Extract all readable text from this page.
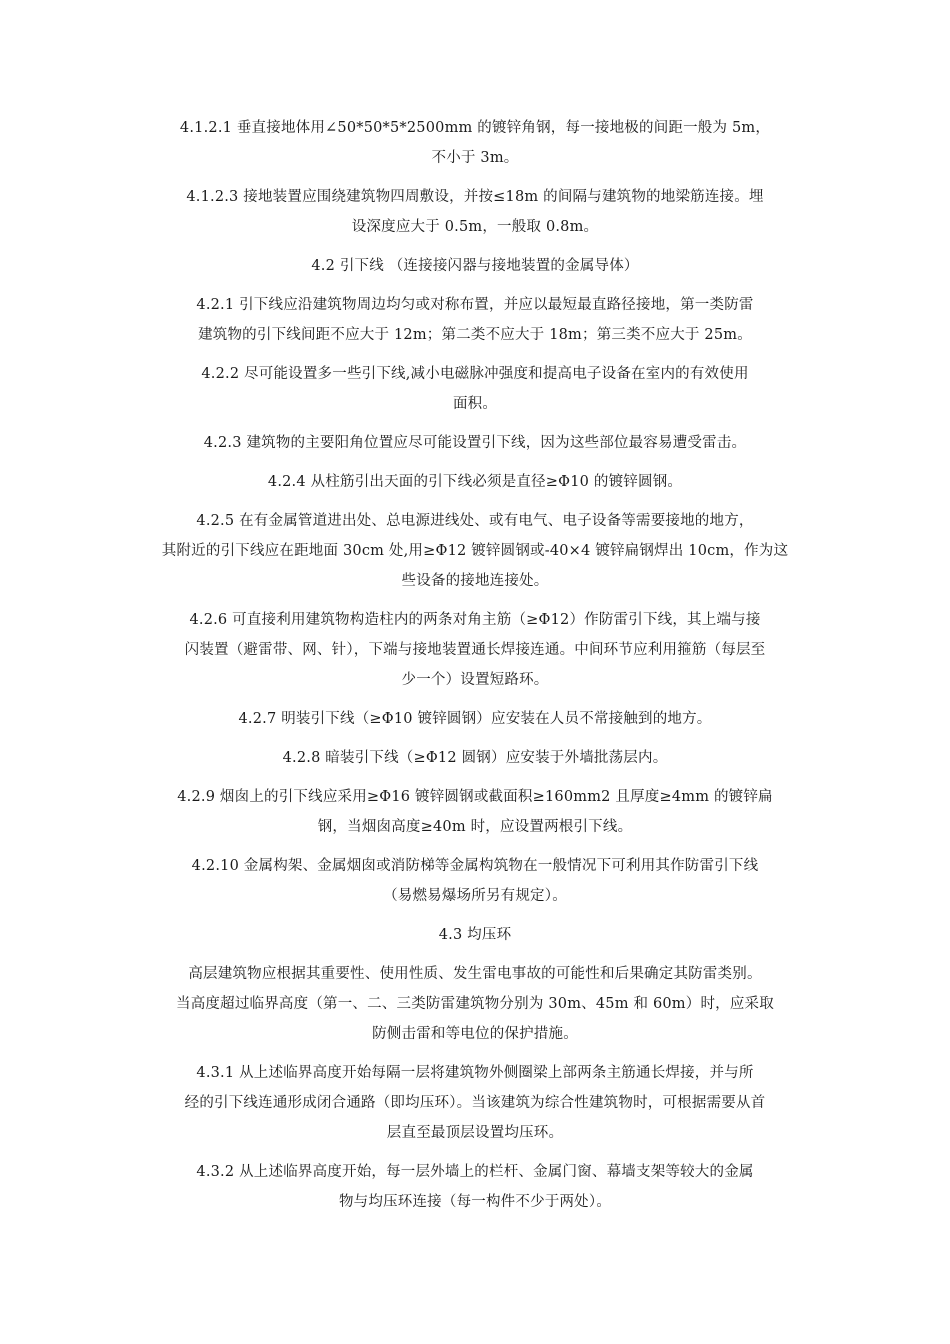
4.1.2.1 垂直接地体用∠50*50*5*2500mm 的镀锌角钢，每一接地极的间距一般为 5m，
不小于 3m。

4.1.2.3 接地装置应围绕建筑物四周敷设，并按≤18m 的间隔与建筑物的地梁筋连接。埋
设深度应大于 0.5m，一般取 0.8m。

4.2 引下线 （连接接闪器与接地装置的金属导体）

4.2.1 引下线应沿建筑物周边均匀或对称布置，并应以最短最直路径接地，第一类防雷
建筑物的引下线间距不应大于 12m；第二类不应大于 18m；第三类不应大于 25m。

4.2.2 尽可能设置多一些引下线,减小电磁脉冲强度和提高电子设备在室内的有效使用
面积。

4.2.3 建筑物的主要阳角位置应尽可能设置引下线，因为这些部位最容易遭受雷击。

4.2.4 从柱筋引出天面的引下线必须是直径≥Φ10 的镀锌圆钢。

4.2.5 在有金属管道进出处、总电源进线处、或有电气、电子设备等需要接地的地方，
其附近的引下线应在距地面 30cm 处,用≥Φ12 镀锌圆钢或-40×4 镀锌扁钢焊出 10cm，作为这
些设备的接地连接处。

4.2.6 可直接利用建筑物构造柱内的两条对角主筋（≥Φ12）作防雷引下线，其上端与接
闪装置（避雷带、网、针），下端与接地装置通长焊接连通。中间环节应利用箍筋（每层至
少一个）设置短路环。

4.2.7 明装引下线（≥Φ10 镀锌圆钢）应安装在人员不常接触到的地方。

4.2.8 暗装引下线（≥Φ12 圆钢）应安装于外墙批荡层内。

4.2.9 烟囱上的引下线应采用≥Φ16 镀锌圆钢或截面积≥160mm2 且厚度≥4mm 的镀锌扁
钢，当烟囱高度≥40m 时，应设置两根引下线。

4.2.10 金属构架、金属烟囱或消防梯等金属构筑物在一般情况下可利用其作防雷引下线
（易燃易爆场所另有规定）。

4.3 均压环

高层建筑物应根据其重要性、使用性质、发生雷电事故的可能性和后果确定其防雷类别。
当高度超过临界高度（第一、二、三类防雷建筑物分别为 30m、45m 和 60m）时，应采取
防侧击雷和等电位的保护措施。

4.3.1 从上述临界高度开始每隔一层将建筑物外侧圈梁上部两条主筋通长焊接，并与所
经的引下线连通形成闭合通路（即均压环）。当该建筑为综合性建筑物时，可根据需要从首
层直至最顶层设置均压环。

4.3.2 从上述临界高度开始，每一层外墙上的栏杆、金属门窗、幕墙支架等较大的金属
物与均压环连接（每一构件不少于两处）。
